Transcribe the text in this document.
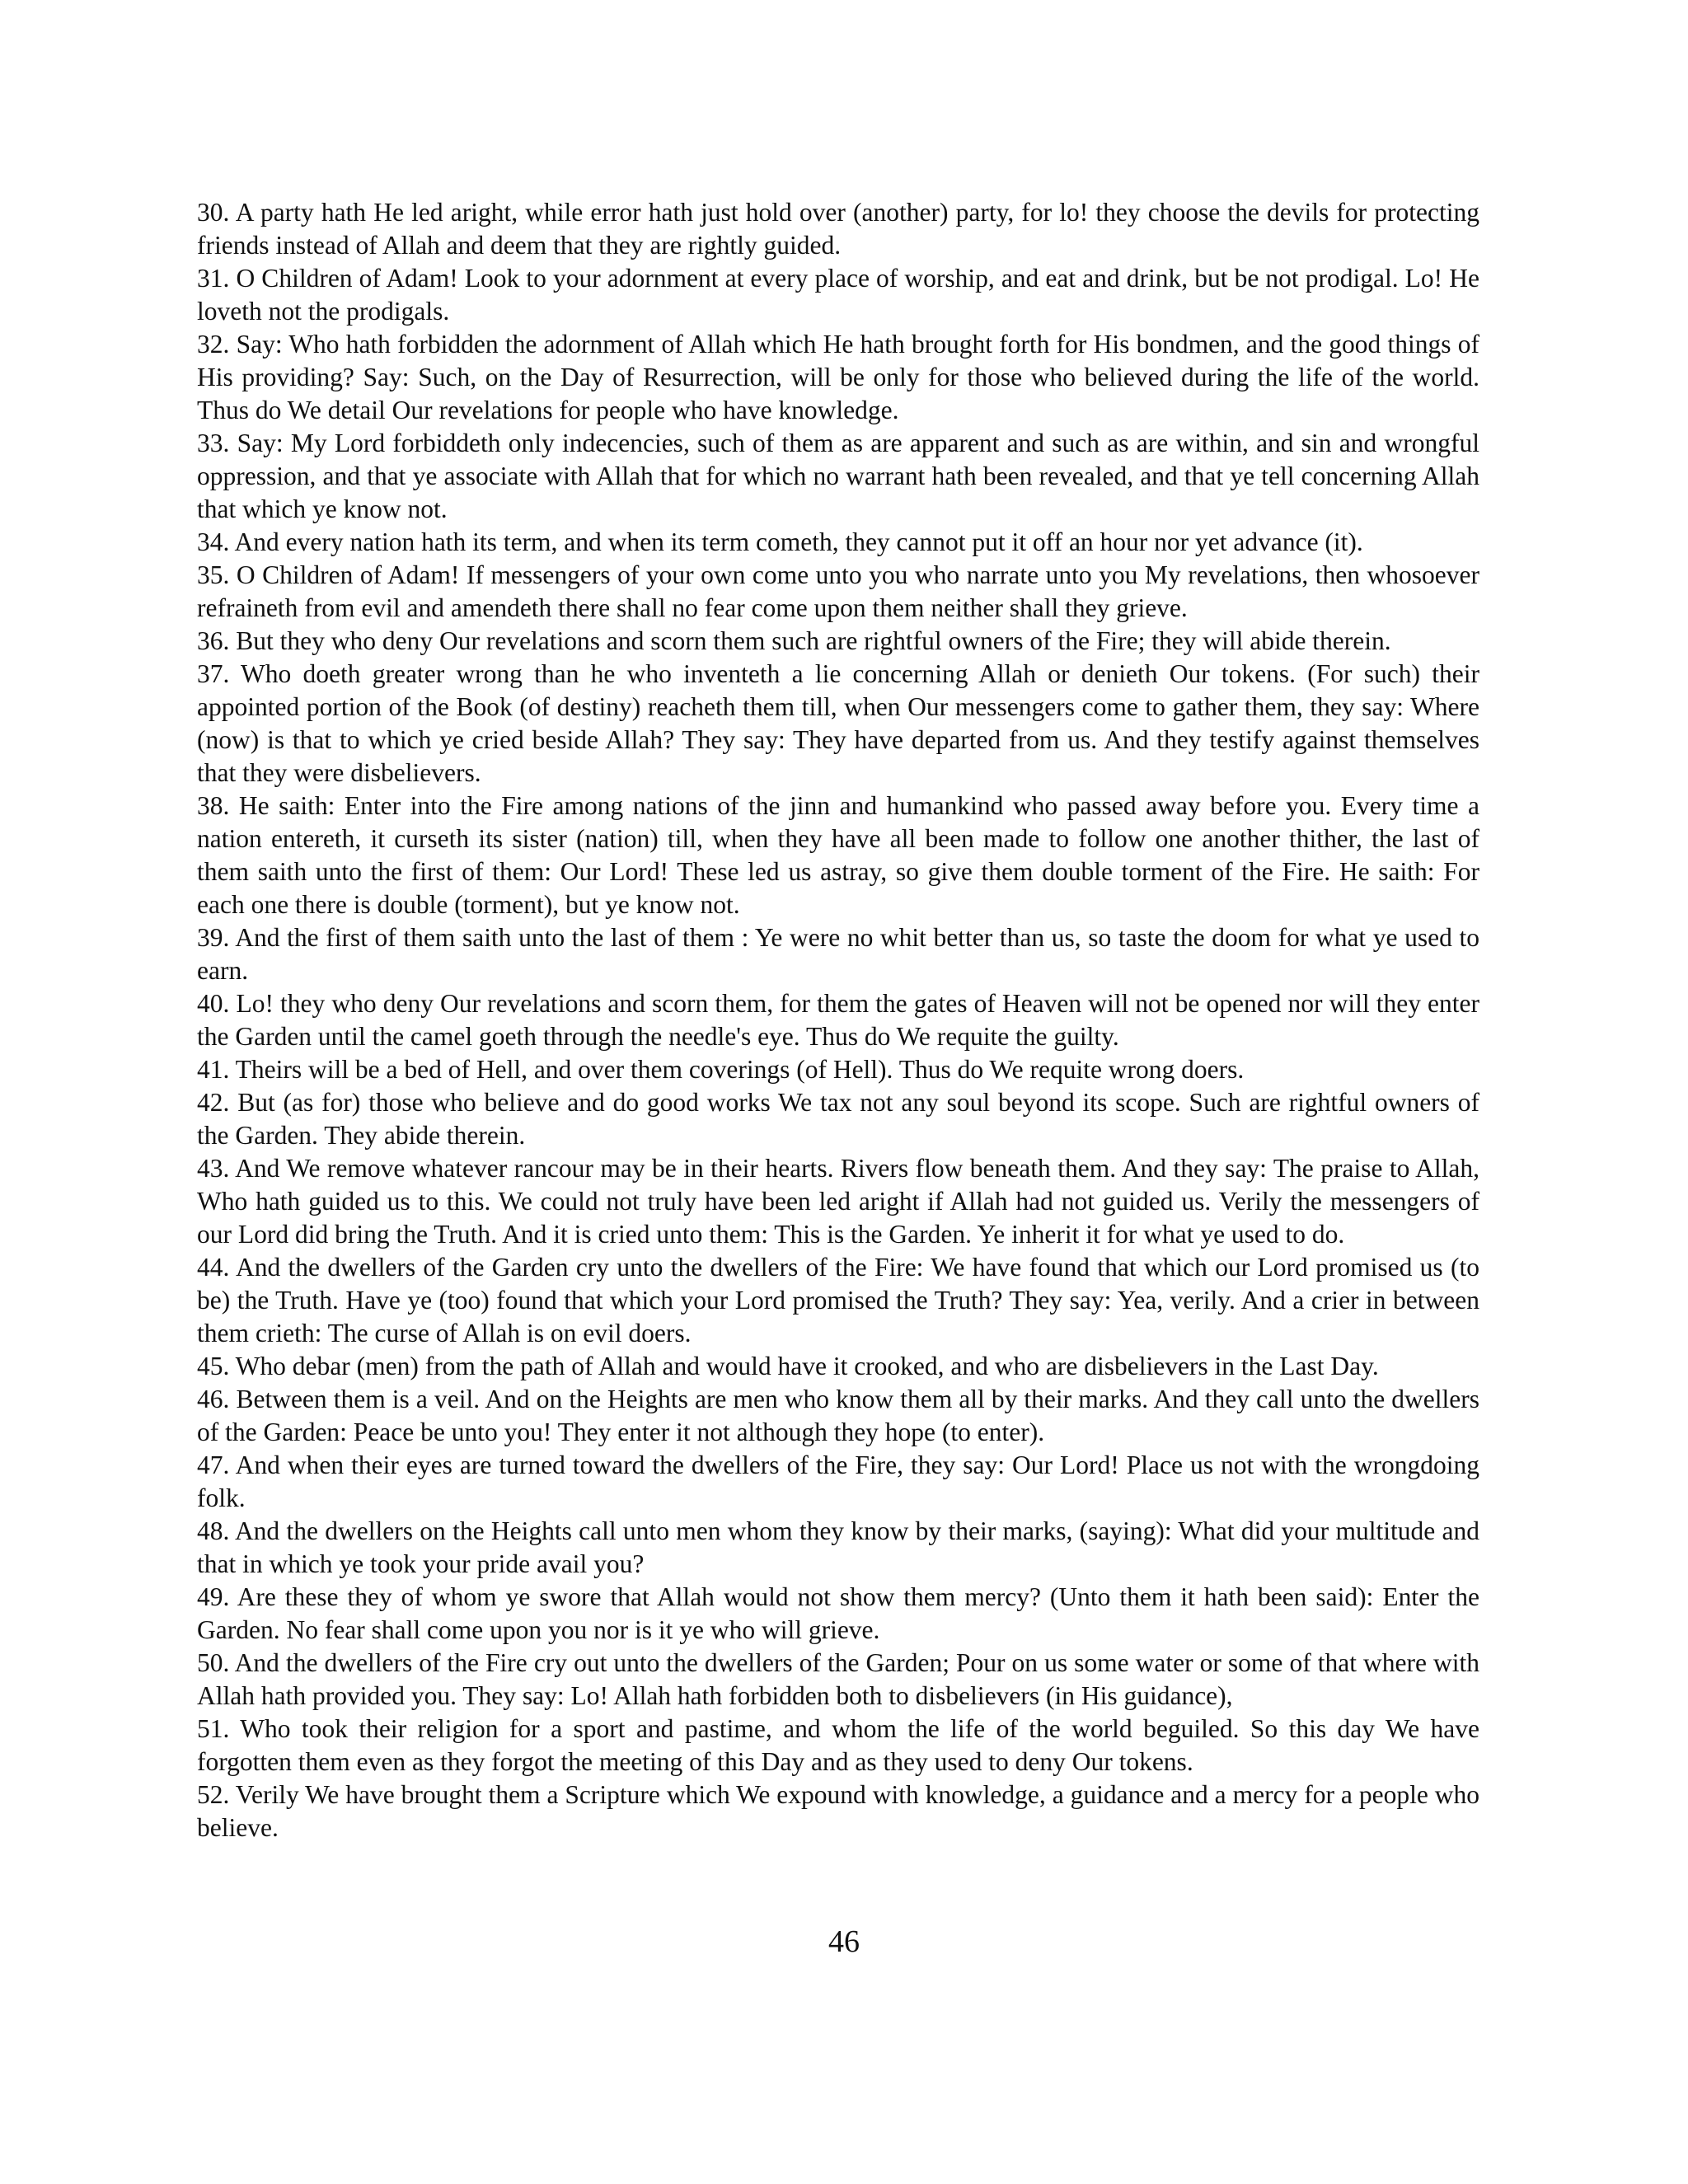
30. A party hath He led aright, while error hath just hold over (another) party, for lo! they choose the devils for protecting friends instead of Allah and deem that they are rightly guided.

31. O Children of Adam! Look to your adornment at every place of worship, and eat and drink, but be not prodigal. Lo! He loveth not the prodigals.

32. Say: Who hath forbidden the adornment of Allah which He hath brought forth for His bondmen, and the good things of His providing? Say: Such, on the Day of Resurrection, will be only for those who believed during the life of the world. Thus do We detail Our revelations for people who have knowledge.

33. Say: My Lord forbiddeth only indecencies, such of them as are apparent and such as are within, and sin and wrongful oppression, and that ye associate with Allah that for which no warrant hath been revealed, and that ye tell concerning Allah that which ye know not.

34. And every nation hath its term, and when its term cometh, they cannot put it off an hour nor yet advance (it).

35. O Children of Adam! If messengers of your own come unto you who narrate unto you My revelations, then whosoever refraineth from evil and amendeth there shall no fear come upon them neither shall they grieve.

36. But they who deny Our revelations and scorn them such are rightful owners of the Fire; they will abide therein.

37. Who doeth greater wrong than he who inventeth a lie concerning Allah or denieth Our tokens. (For such) their appointed portion of the Book (of destiny) reacheth them till, when Our messengers come to gather them, they say: Where (now) is that to which ye cried beside Allah? They say: They have departed from us. And they testify against themselves that they were disbelievers.

38. He saith: Enter into the Fire among nations of the jinn and humankind who passed away before you. Every time a nation entereth, it curseth its sister (nation) till, when they have all been made to follow one another thither, the last of them saith unto the first of them: Our Lord! These led us astray, so give them double torment of the Fire. He saith: For each one there is double (torment), but ye know not.

39. And the first of them saith unto the last of them : Ye were no whit better than us, so taste the doom for what ye used to earn.

40. Lo! they who deny Our revelations and scorn them, for them the gates of Heaven will not be opened nor will they enter the Garden until the camel goeth through the needle's eye. Thus do We requite the guilty.

41. Theirs will be a bed of Hell, and over them coverings (of Hell). Thus do We requite wrong doers.

42. But (as for) those who believe and do good works We tax not any soul beyond its scope. Such are rightful owners of the Garden. They abide therein.

43. And We remove whatever rancour may be in their hearts. Rivers flow beneath them. And they say: The praise to Allah, Who hath guided us to this. We could not truly have been led aright if Allah had not guided us. Verily the messengers of our Lord did bring the Truth. And it is cried unto them: This is the Garden. Ye inherit it for what ye used to do.

44. And the dwellers of the Garden cry unto the dwellers of the Fire: We have found that which our Lord promised us (to be) the Truth. Have ye (too) found that which your Lord promised the Truth? They say: Yea, verily. And a crier in between them crieth: The curse of Allah is on evil doers.

45. Who debar (men) from the path of Allah and would have it crooked, and who are disbelievers in the Last Day.

46. Between them is a veil. And on the Heights are men who know them all by their marks. And they call unto the dwellers of the Garden: Peace be unto you! They enter it not although they hope (to enter).

47. And when their eyes are turned toward the dwellers of the Fire, they say: Our Lord! Place us not with the wrongdoing folk.

48. And the dwellers on the Heights call unto men whom they know by their marks, (saying): What did your multitude and that in which ye took your pride avail you?

49. Are these they of whom ye swore that Allah would not show them mercy? (Unto them it hath been said): Enter the Garden. No fear shall come upon you nor is it ye who will grieve.

50. And the dwellers of the Fire cry out unto the dwellers of the Garden; Pour on us some water or some of that where with Allah hath provided you. They say: Lo! Allah hath forbidden both to disbelievers (in His guidance),

51. Who took their religion for a sport and pastime, and whom the life of the world beguiled. So this day We have forgotten them even as they forgot the meeting of this Day and as they used to deny Our tokens.

52. Verily We have brought them a Scripture which We expound with knowledge, a guidance and a mercy for a people who believe.

46
